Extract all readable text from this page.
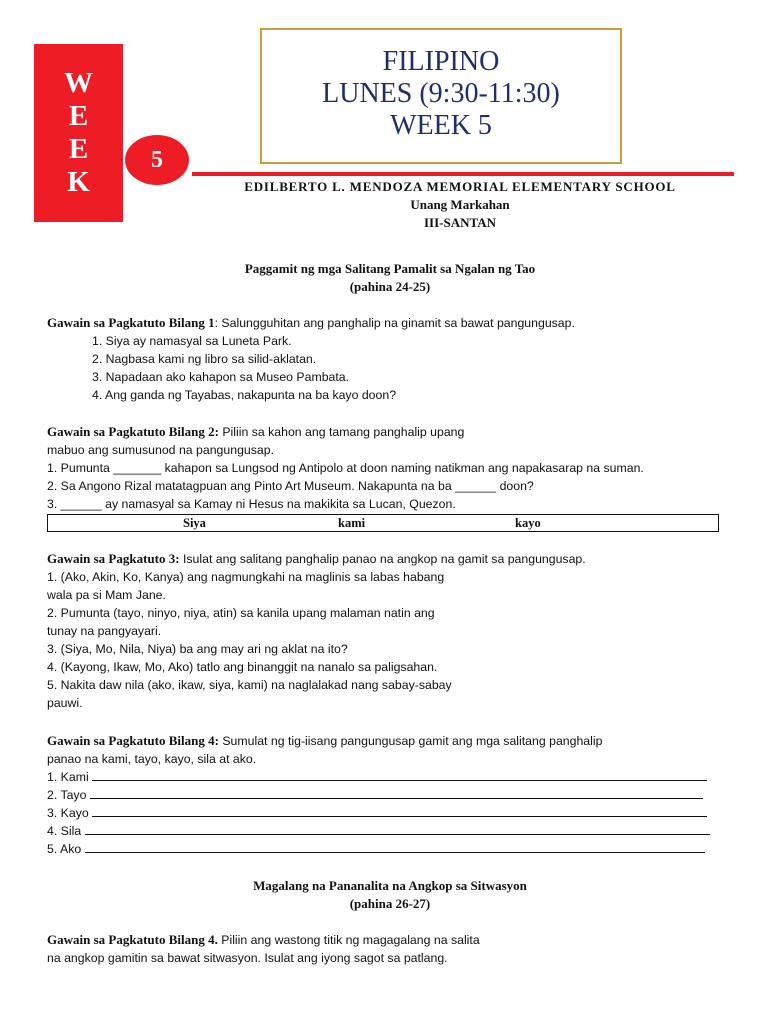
W
E
E
K
5
FILIPINO
LUNES (9:30-11:30)
WEEK 5
EDILBERTO L. MENDOZA MEMORIAL ELEMENTARY SCHOOL
Unang Markahan
III-SANTAN
Paggamit ng mga Salitang Pamalit sa Ngalan ng Tao
(pahina 24-25)
Gawain sa Pagkatuto Bilang 1: Salungguhitan ang panghalip na ginamit sa bawat pangungusap.
1. Siya ay namasyal sa Luneta Park.
2. Nagbasa kami ng libro sa silid-aklatan.
3. Napadaan ako kahapon sa Museo Pambata.
4. Ang ganda ng Tayabas, nakapunta na ba kayo doon?
Gawain sa Pagkatuto Bilang 2: Piliin sa kahon ang tamang panghalip upang
mabuo ang sumusunod na pangungusap.
1. Pumunta _______ kahapon sa Lungsod ng Antipolo at doon naming natikman ang napakasarap na suman.
2. Sa Angono Rizal matatagpuan ang Pinto Art Museum. Nakapunta na ba ______ doon?
3. ______ ay namasyal sa Kamay ni Hesus na makikita sa Lucan, Quezon.
Siya	kami	kayo
Gawain sa Pagkatuto 3: Isulat ang salitang panghalip panao na angkop na gamit sa pangungusap.
1. (Ako, Akin, Ko, Kanya) ang nagmungkahi na maglinis sa labas habang
wala pa si Mam Jane.
2. Pumunta (tayo, ninyo, niya, atin) sa kanila upang malaman natin ang
tunay na pangyayari.
3. (Siya, Mo, Nila, Niya) ba ang may ari ng aklat na ito?
4. (Kayong, Ikaw, Mo, Ako) tatlo ang binanggit na nanalo sa paligsahan.
5. Nakita daw nila (ako, ikaw, siya, kami) na naglalakad nang sabay-sabay
pauwi.
Gawain sa Pagkatuto Bilang 4: Sumulat ng tig-iisang pangungusap gamit ang mga salitang panghalip
panao na kami, tayo, kayo, sila at ako.
1. Kami
2. Tayo
3. Kayo
4. Sila
5. Ako
Magalang na Pananalita na Angkop sa Sitwasyon
(pahina 26-27)
Gawain sa Pagkatuto Bilang 4. Piliin ang wastong titik ng magagalang na salita
na angkop gamitin sa bawat sitwasyon. Isulat ang iyong sagot sa patlang.
